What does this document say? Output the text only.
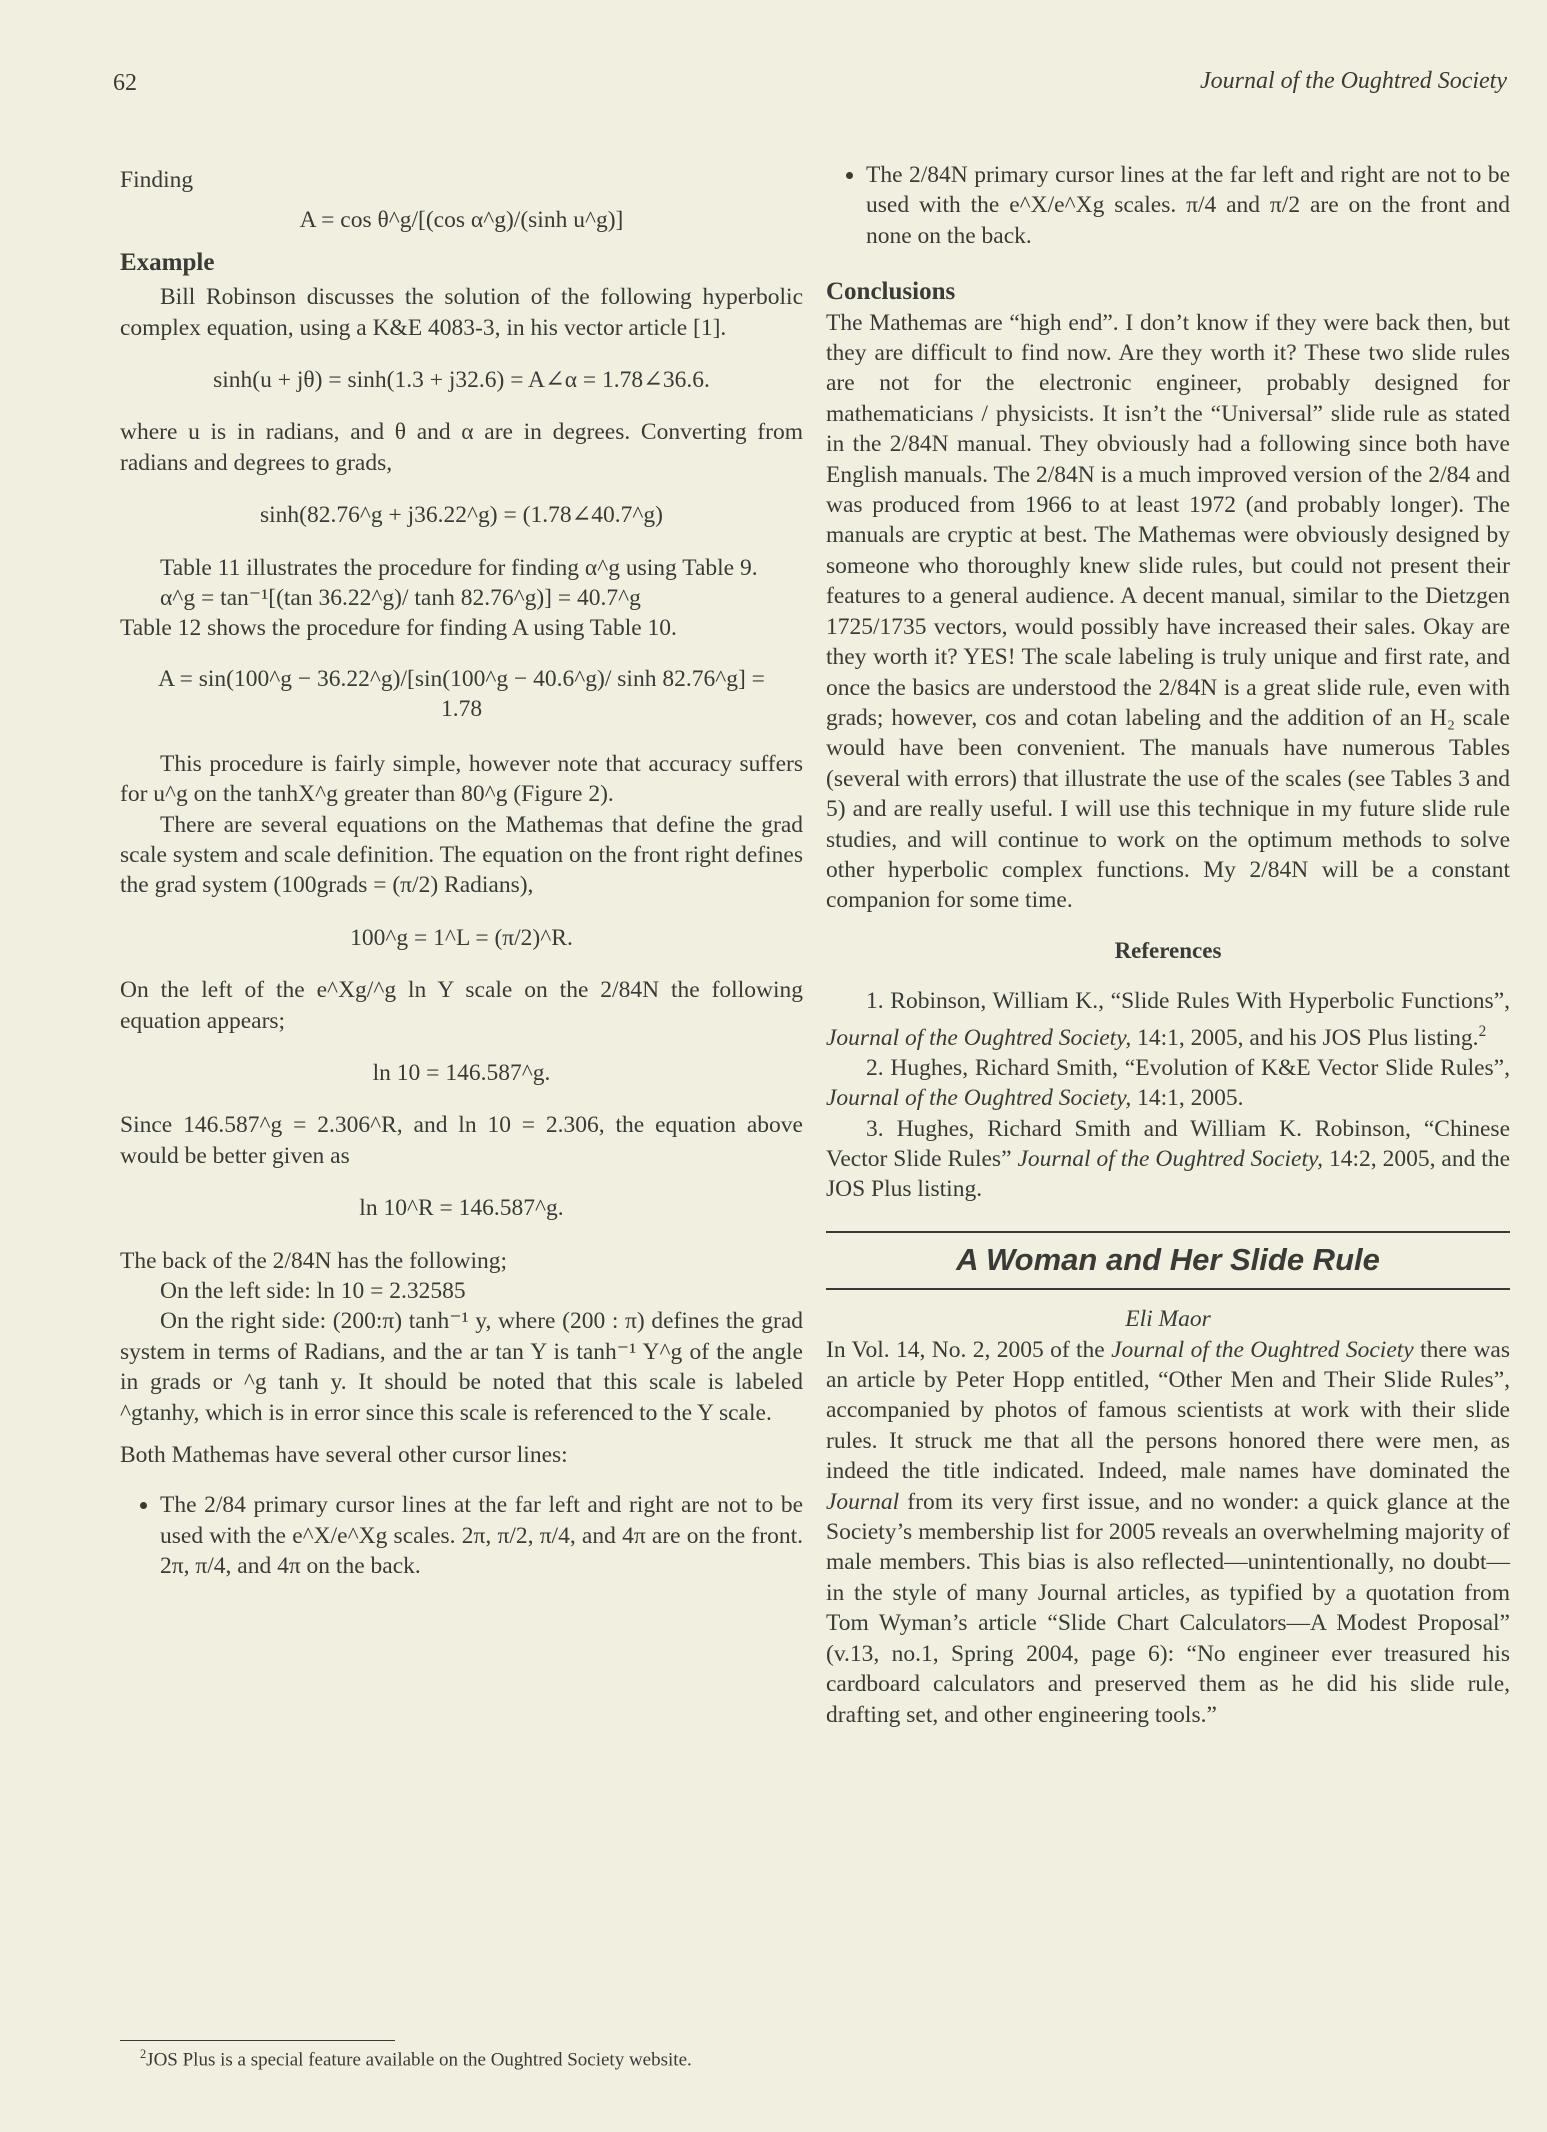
62	Journal of the Oughtred Society

Finding

A = cos θ^g/[(cos α^g)/(sinh u^g)]

Example

Bill Robinson discusses the solution of the following hyperbolic complex equation, using a K&E 4083-3, in his vector article [1].

sinh(u + jθ) = sinh(1.3 + j32.6) = A∠α = 1.78∠36.6.

where u is in radians, and θ and α are in degrees. Converting from radians and degrees to grads,

sinh(82.76^g + j36.22^g) = (1.78∠40.7^g)

Table 11 illustrates the procedure for finding α^g using Table 9.

α^g = tan⁻¹[(tan 36.22^g)/ tanh 82.76^g)] = 40.7^g

Table 12 shows the procedure for finding A using Table 10.

A = sin(100^g − 36.22^g)/[sin(100^g − 40.6^g)/ sinh 82.76^g] =

1.78

This procedure is fairly simple, however note that accuracy suffers for u^g on the tanhX^g greater than 80^g (Figure 2).

There are several equations on the Mathemas that define the grad scale system and scale definition. The equation on the front right defines the grad system (100grads = (π/2) Radians),

100^g = 1^L = (π/2)^R.

On the left of the e^Xg/^g ln Y scale on the 2/84N the following equation appears;

ln 10 = 146.587^g.

Since 146.587^g = 2.306^R, and ln 10 = 2.306, the equation above would be better given as

ln 10^R = 146.587^g.

The back of the 2/84N has the following;

On the left side: ln 10 = 2.32585

On the right side: (200:π) tanh⁻¹ y, where (200 : π) defines the grad system in terms of Radians, and the ar tan Y is tanh⁻¹ Y^g of the angle in grads or ^g tanh y. It should be noted that this scale is labeled ^gtanhy, which is in error since this scale is referenced to the Y scale.

Both Mathemas have several other cursor lines:

• The 2/84 primary cursor lines at the far left and right are not to be used with the e^X/e^Xg scales. 2π, π/2, π/4, and 4π are on the front. 2π, π/4, and 4π on the back.
• The 2/84N primary cursor lines at the far left and right are not to be used with the e^X/e^Xg scales. π/4 and π/2 are on the front and none on the back.
Conclusions

The Mathemas are “high end”. I don’t know if they were back then, but they are difficult to find now. Are they worth it? These two slide rules are not for the electronic engineer, probably designed for mathematicians / physicists. It isn’t the “Universal” slide rule as stated in the 2/84N manual. They obviously had a following since both have English manuals. The 2/84N is a much improved version of the 2/84 and was produced from 1966 to at least 1972 (and probably longer). The manuals are cryptic at best. The Mathemas were obviously designed by someone who thoroughly knew slide rules, but could not present their features to a general audience. A decent manual, similar to the Dietzgen 1725/1735 vectors, would possibly have increased their sales. Okay are they worth it? YES! The scale labeling is truly unique and first rate, and once the basics are understood the 2/84N is a great slide rule, even with grads; however, cos and cotan labeling and the addition of an H₂ scale would have been convenient. The manuals have numerous Tables (several with errors) that illustrate the use of the scales (see Tables 3 and 5) and are really useful. I will use this technique in my future slide rule studies, and will continue to work on the optimum methods to solve other hyperbolic complex functions. My 2/84N will be a constant companion for some time.

References

1. Robinson, William K., “Slide Rules With Hyperbolic Functions”, Journal of the Oughtred Society, 14:1, 2005, and his JOS Plus listing.$^2$

2. Hughes, Richard Smith, “Evolution of K&E Vector Slide Rules”, Journal of the Oughtred Society, 14:1, 2005.

3. Hughes, Richard Smith and William K. Robinson, “Chinese Vector Slide Rules” Journal of the Oughtred Society, 14:2, 2005, and the JOS Plus listing.

A Woman and Her Slide Rule
Eli Maor

In Vol. 14, No. 2, 2005 of the Journal of the Oughtred Society there was an article by Peter Hopp entitled, “Other Men and Their Slide Rules”, accompanied by photos of famous scientists at work with their slide rules. It struck me that all the persons honored there were men, as indeed the title indicated. Indeed, male names have dominated the Journal from its very first issue, and no wonder: a quick glance at the Society’s membership list for 2005 reveals an overwhelming majority of male members. This bias is also reflected—unintentionally, no doubt—in the style of many Journal articles, as typified by a quotation from Tom Wyman’s article “Slide Chart Calculators—A Modest Proposal” (v.13, no.1, Spring 2004, page 6): “No engineer ever treasured his cardboard calculators and preserved them as he did his slide rule, drafting set, and other engineering tools.”

$^2$JOS Plus is a special feature available on the Oughtred Society website.
